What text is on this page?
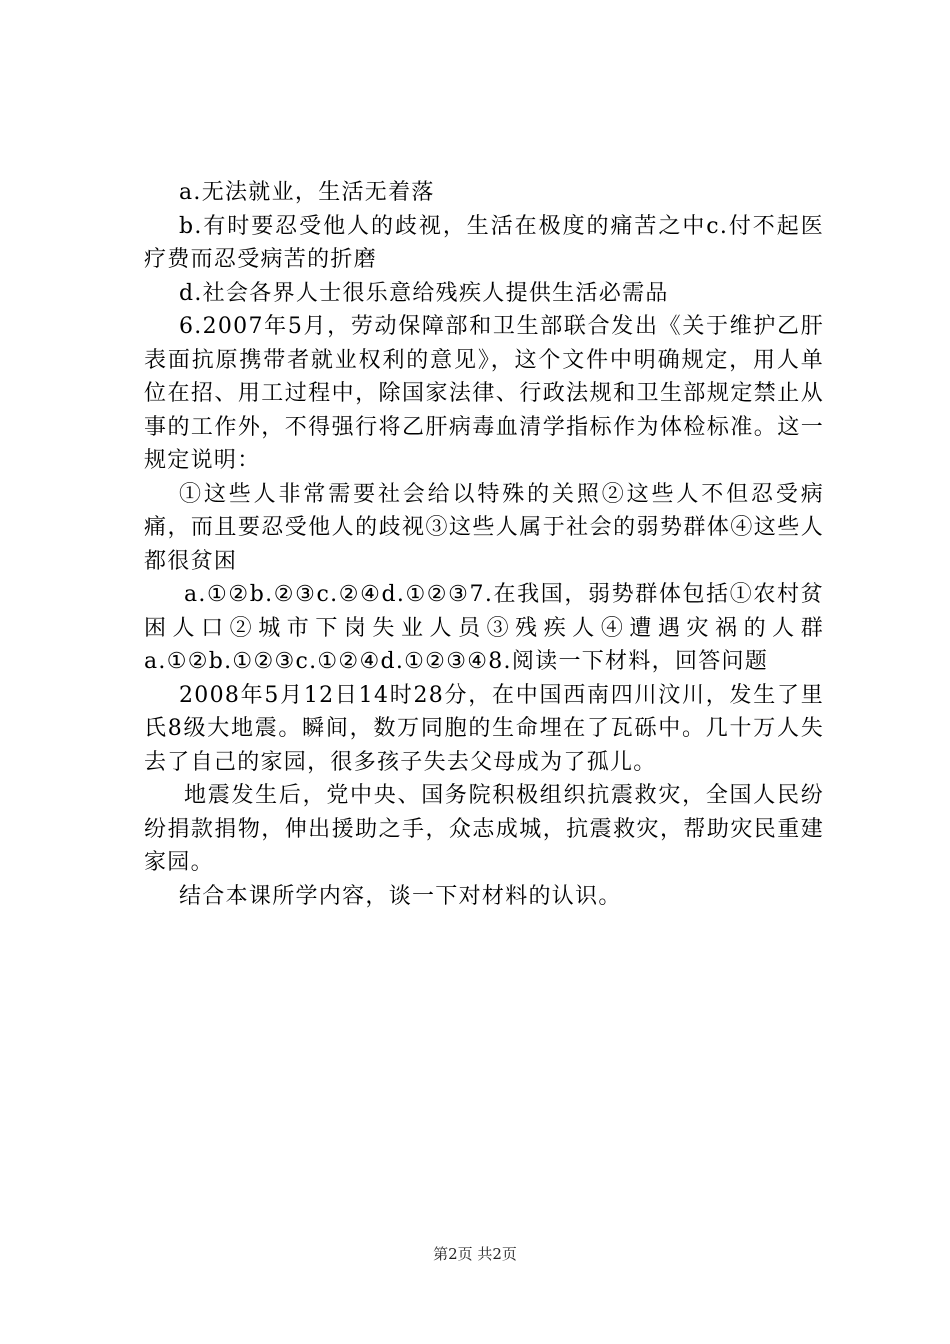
a.无法就业，生活无着落

b.有时要忍受他人的歧视，生活在极度的痛苦之中c.付不起医疗费而忍受病苦的折磨

d.社会各界人士很乐意给残疾人提供生活必需品

6.2007年5月，劳动保障部和卫生部联合发出《关于维护乙肝表面抗原携带者就业权利的意见》，这个文件中明确规定，用人单位在招、用工过程中，除国家法律、行政法规和卫生部规定禁止从事的工作外，不得强行将乙肝病毒血清学指标作为体检标准。这一规定说明：

①这些人非常需要社会给以特殊的关照②这些人不但忍受病痛，而且要忍受他人的歧视③这些人属于社会的弱势群体④这些人都很贫困

a.①②b.②③c.②④d.①②③7.在我国，弱势群体包括①农村贫困人口②城市下岗失业人员③残疾人④遭遇灾祸的人群a.①②b.①②③c.①②④d.①②③④8.阅读一下材料，回答问题

2008年5月12日14时28分，在中国西南四川汶川，发生了里氏8级大地震。瞬间，数万同胞的生命埋在了瓦砾中。几十万人失去了自己的家园，很多孩子失去父母成为了孤儿。

地震发生后，党中央、国务院积极组织抗震救灾，全国人民纷纷捐款捐物，伸出援助之手，众志成城，抗震救灾，帮助灾民重建家园。

结合本课所学内容，谈一下对材料的认识。

第2页 共2页
